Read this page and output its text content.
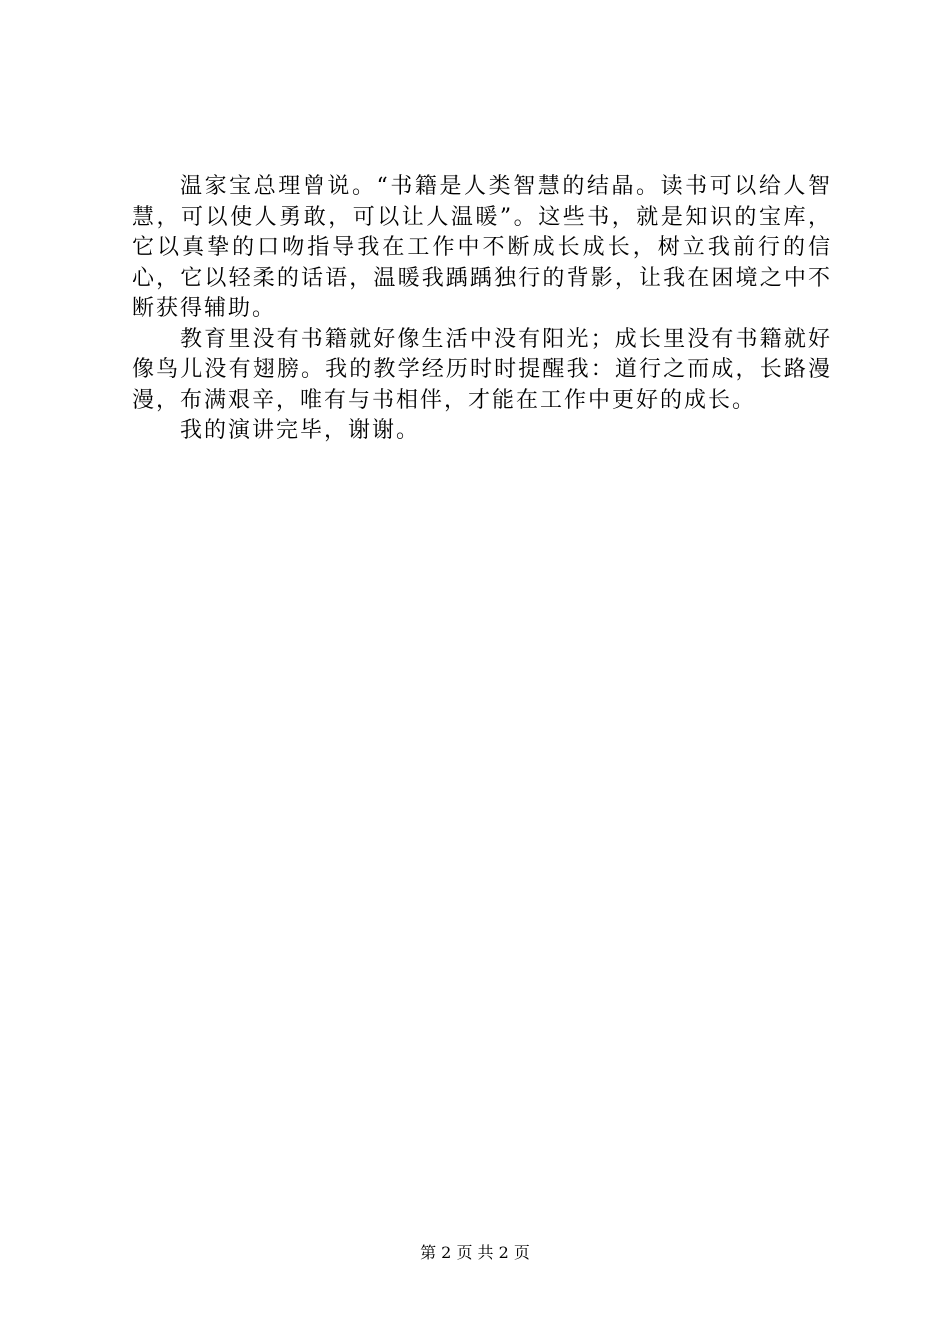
温家宝总理曾说。“书籍是人类智慧的结晶。读书可以给人智慧，可以使人勇敢，可以让人温暖”。这些书，就是知识的宝库，它以真挚的口吻指导我在工作中不断成长成长，树立我前行的信心，它以轻柔的话语，温暖我踽踽独行的背影，让我在困境之中不断获得辅助。

教育里没有书籍就好像生活中没有阳光；成长里没有书籍就好像鸟儿没有翅膀。我的教学经历时时提醒我：道行之而成，长路漫漫，布满艰辛，唯有与书相伴，才能在工作中更好的成长。

我的演讲完毕，谢谢。

第 2 页 共 2 页
